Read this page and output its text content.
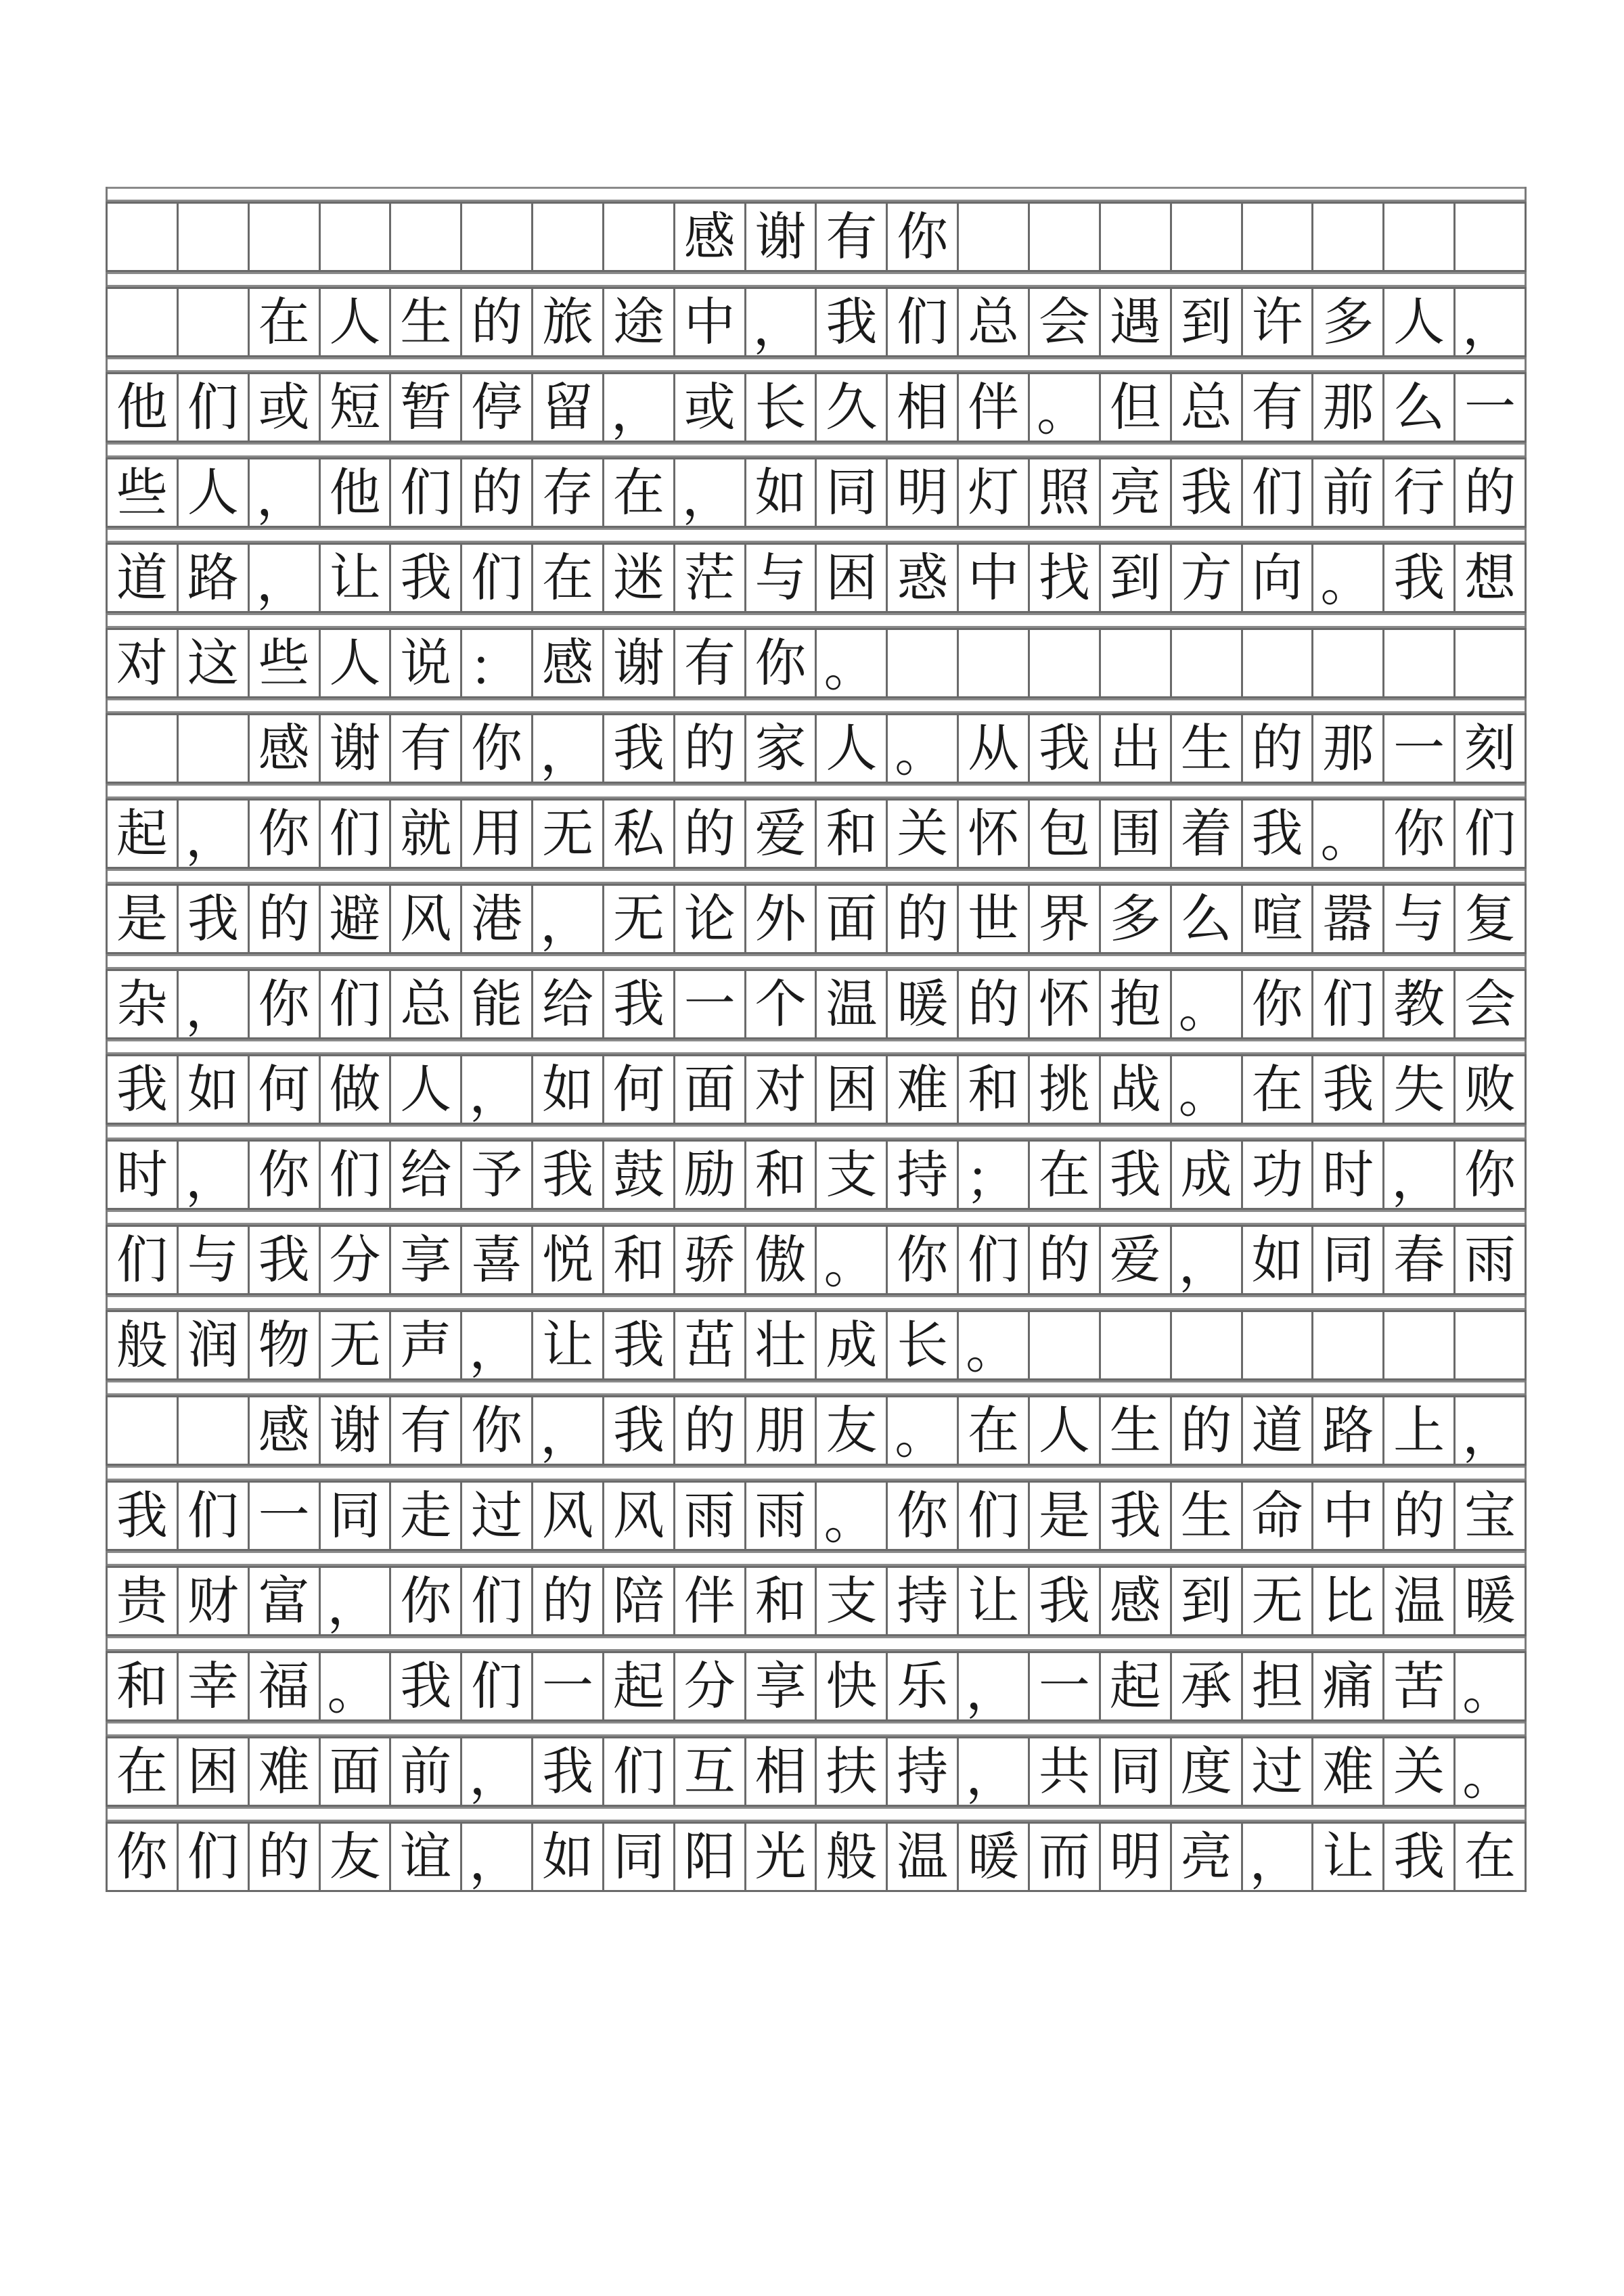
感 谢 有 你
在 人 生 的 旅 途 中 ， 我 们 总 会 遇 到 许 多 人 ，
他 们 或 短 暂 停 留 ， 或 长 久 相 伴 。 但 总 有 那 么 一
些 人 ， 他 们 的 存 在 ， 如 同 明 灯 照 亮 我 们 前 行 的
道 路 ， 让 我 们 在 迷 茫 与 困 惑 中 找 到 方 向 。 我 想
对 这 些 人 说 ： 感 谢 有 你 。
感 谢 有 你 ， 我 的 家 人 。 从 我 出 生 的 那 一 刻
起 ， 你 们 就 用 无 私 的 爱 和 关 怀 包 围 着 我 。 你 们
是 我 的 避 风 港 ， 无 论 外 面 的 世 界 多 么 喧 嚣 与 复
杂 ， 你 们 总 能 给 我 一 个 温 暖 的 怀 抱 。 你 们 教 会
我 如 何 做 人 ， 如 何 面 对 困 难 和 挑 战 。 在 我 失 败
时 ， 你 们 给 予 我 鼓 励 和 支 持 ； 在 我 成 功 时 ， 你
们 与 我 分 享 喜 悦 和 骄 傲 。 你 们 的 爱 ， 如 同 春 雨
般 润 物 无 声 ， 让 我 茁 壮 成 长 。
感 谢 有 你 ， 我 的 朋 友 。 在 人 生 的 道 路 上 ，
我 们 一 同 走 过 风 风 雨 雨 。 你 们 是 我 生 命 中 的 宝
贵 财 富 ， 你 们 的 陪 伴 和 支 持 让 我 感 到 无 比 温 暖
和 幸 福 。 我 们 一 起 分 享 快 乐 ， 一 起 承 担 痛 苦 。
在 困 难 面 前 ， 我 们 互 相 扶 持 ， 共 同 度 过 难 关 。
你 们 的 友 谊 ， 如 同 阳 光 般 温 暖 而 明 亮 ， 让 我 在
